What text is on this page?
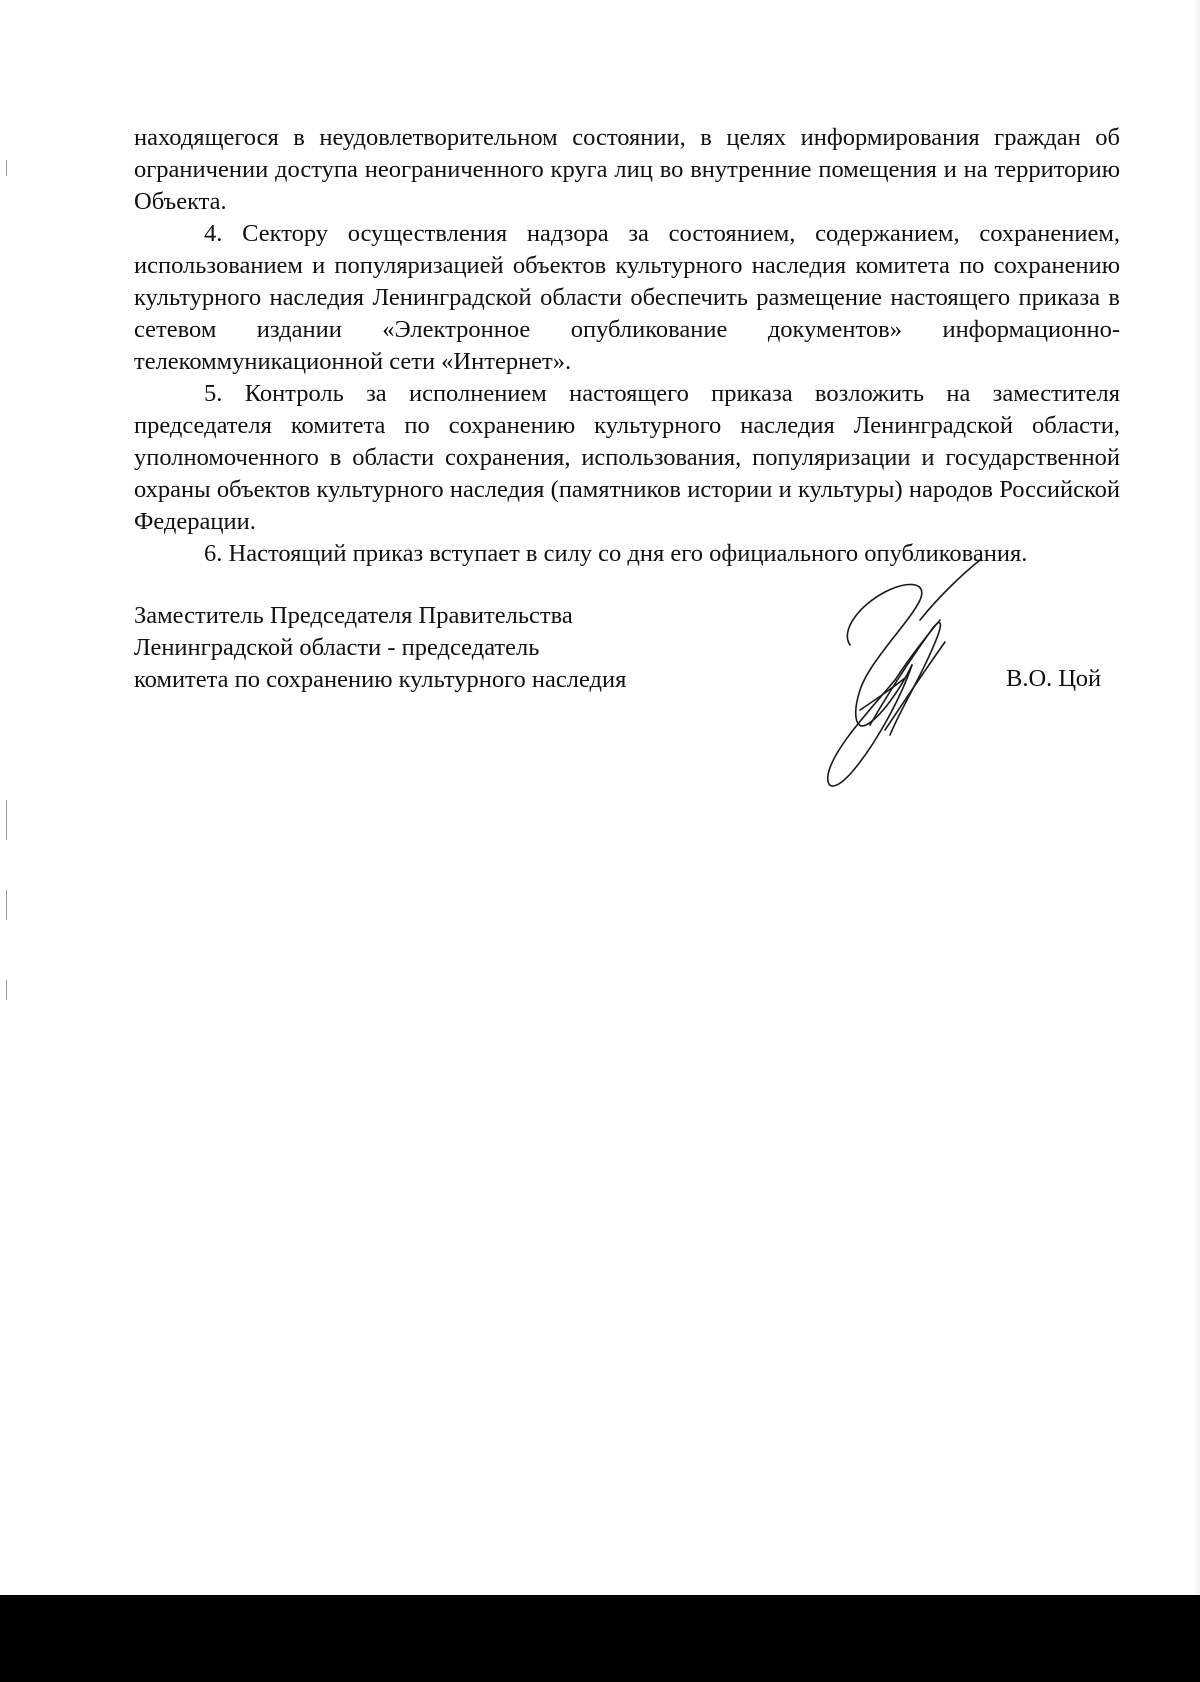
находящегося в неудовлетворительном состоянии, в целях информирования граждан об ограничении доступа неограниченного круга лиц во внутренние помещения и на территорию Объекта.

4. Сектору осуществления надзора за состоянием, содержанием, сохранением, использованием и популяризацией объектов культурного наследия комитета по сохранению культурного наследия Ленинградской области обеспечить размещение настоящего приказа в сетевом издании «Электронное опубликование документов» информационно-телекоммуникационной сети «Интернет».

5. Контроль за исполнением настоящего приказа возложить на заместителя председателя комитета по сохранению культурного наследия Ленинградской области, уполномоченного в области сохранения, использования, популяризации и государственной охраны объектов культурного наследия (памятников истории и культуры) народов Российской Федерации.

6. Настоящий приказ вступает в силу со дня его официального опубликования.

Заместитель Председателя Правительства
Ленинградской области - председатель
комитета по сохранению культурного наследия	В.О. Цой
